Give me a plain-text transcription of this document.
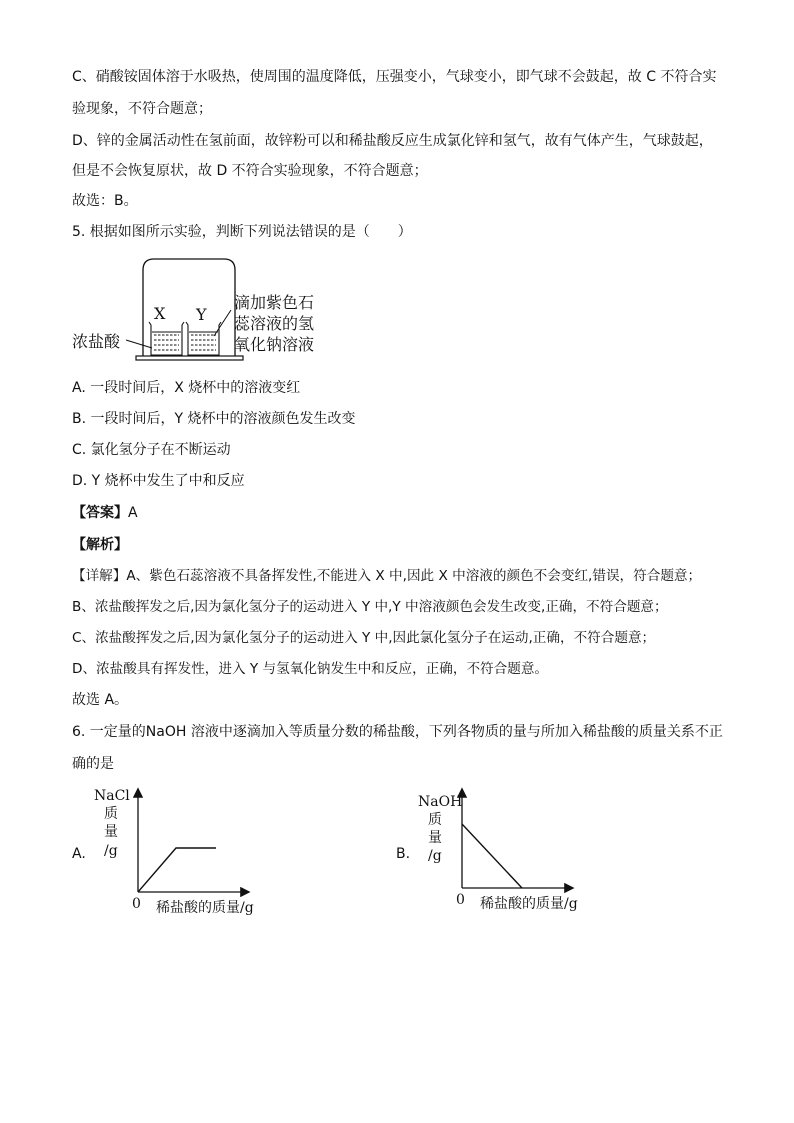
C、硝酸铵固体溶于水吸热，使周围的温度降低，压强变小，气球变小，即气球不会鼓起，故 C 不符合实
验现象，不符合题意；
D、锌的金属活动性在氢前面，故锌粉可以和稀盐酸反应生成氯化锌和氢气，故有气体产生，气球鼓起，
但是不会恢复原状，故 D 不符合实验现象，不符合题意；
故选：B。
5. 根据如图所示实验，判断下列说法错误的是（　　）
X Y
浓盐酸
滴加紫色石
蕊溶液的氢
氧化钠溶液
A. 一段时间后，X 烧杯中的溶液变红
B. 一段时间后，Y 烧杯中的溶液颜色发生改变
C. 氯化氢分子在不断运动
D. Y 烧杯中发生了中和反应
【答案】A
【解析】
【详解】A、紫色石蕊溶液不具备挥发性,不能进入 X 中,因此 X 中溶液的颜色不会变红,错误，符合题意；
B、浓盐酸挥发之后,因为氯化氢分子的运动进入 Y 中,Y 中溶液颜色会发生改变,正确，不符合题意；
C、浓盐酸挥发之后,因为氯化氢分子的运动进入 Y 中,因此氯化氢分子在运动,正确，不符合题意；
D、浓盐酸具有挥发性，进入 Y 与氢氧化钠发生中和反应，正确，不符合题意。
故选 A。
6. 一定量的NaOH 溶液中逐滴加入等质量分数的稀盐酸，下列各物质的量与所加入稀盐酸的质量关系不正
确的是
A.
NaCl
质
量
/g
0 稀盐酸的质量/g
B.
NaOH
质
量
/g
0 稀盐酸的质量/g
